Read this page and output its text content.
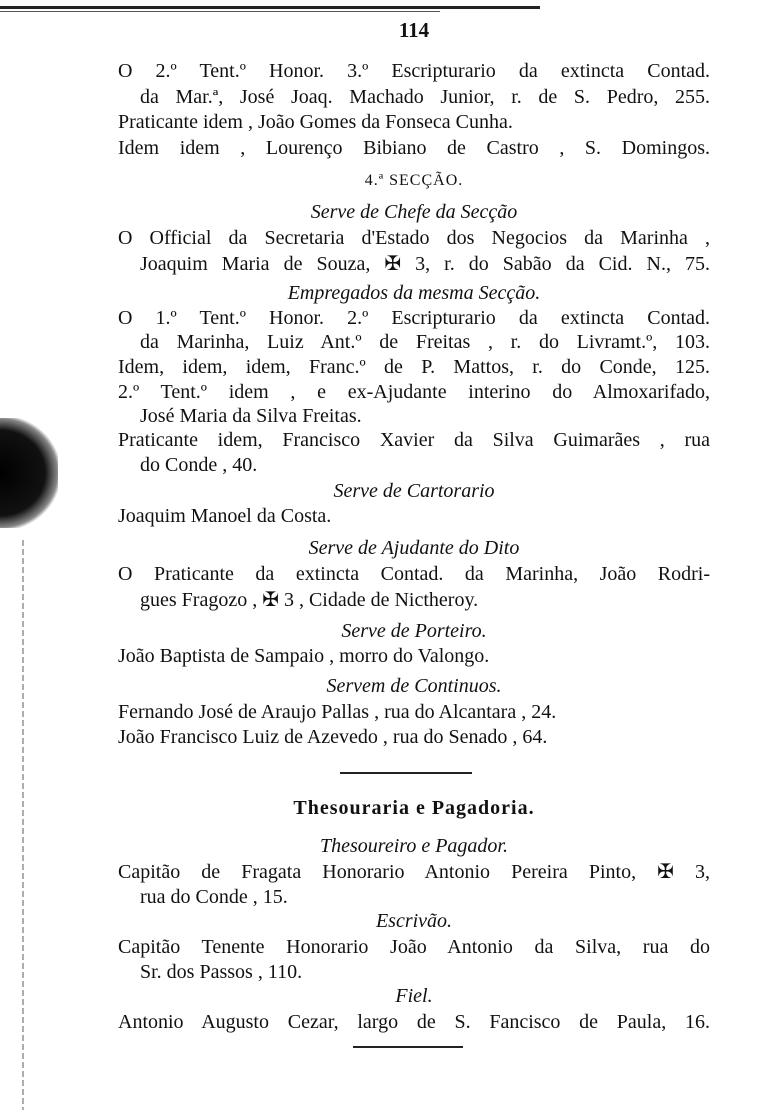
114
O 2.º Tent.º Honor. 3.º Escripturario da extincta Contad.
da Mar.ª, José Joaq. Machado Junior, r. de S. Pedro, 255.
Praticante idem , João Gomes da Fonseca Cunha.
Idem idem , Lourenço Bibiano de Castro , S. Domingos.
4.ª SECÇÃO.
Serve de Chefe da Secção
O Official da Secretaria d'Estado dos Negocios da Marinha ,
Joaquim Maria de Souza, ✠ 3, r. do Sabão da Cid. N., 75.
Empregados da mesma Secção.
O 1.º Tent.º Honor. 2.º Escripturario da extincta Contad.
da Marinha, Luiz Ant.º de Freitas , r. do Livramt.º, 103.
Idem, idem, idem, Franc.º de P. Mattos, r. do Conde, 125.
2.º Tent.º idem , e ex-Ajudante interino do Almoxarifado,
José Maria da Silva Freitas.
Praticante idem, Francisco Xavier da Silva Guimarães , rua
do Conde , 40.
Serve de Cartorario
Joaquim Manoel da Costa.
Serve de Ajudante do Dito
O Praticante da extincta Contad. da Marinha, João Rodri-
gues Fragozo , ✠ 3 , Cidade de Nictheroy.
Serve de Porteiro.
João Baptista de Sampaio , morro do Valongo.
Servem de Continuos.
Fernando José de Araujo Pallas , rua do Alcantara , 24.
João Francisco Luiz de Azevedo , rua do Senado , 64.
Thesouraria e Pagadoria.
Thesoureiro e Pagador.
Capitão de Fragata Honorario Antonio Pereira Pinto, ✠ 3,
rua do Conde , 15.
Escrivão.
Capitão Tenente Honorario João Antonio da Silva, rua do
Sr. dos Passos , 110.
Fiel.
Antonio Augusto Cezar, largo de S. Fancisco de Paula, 16.
